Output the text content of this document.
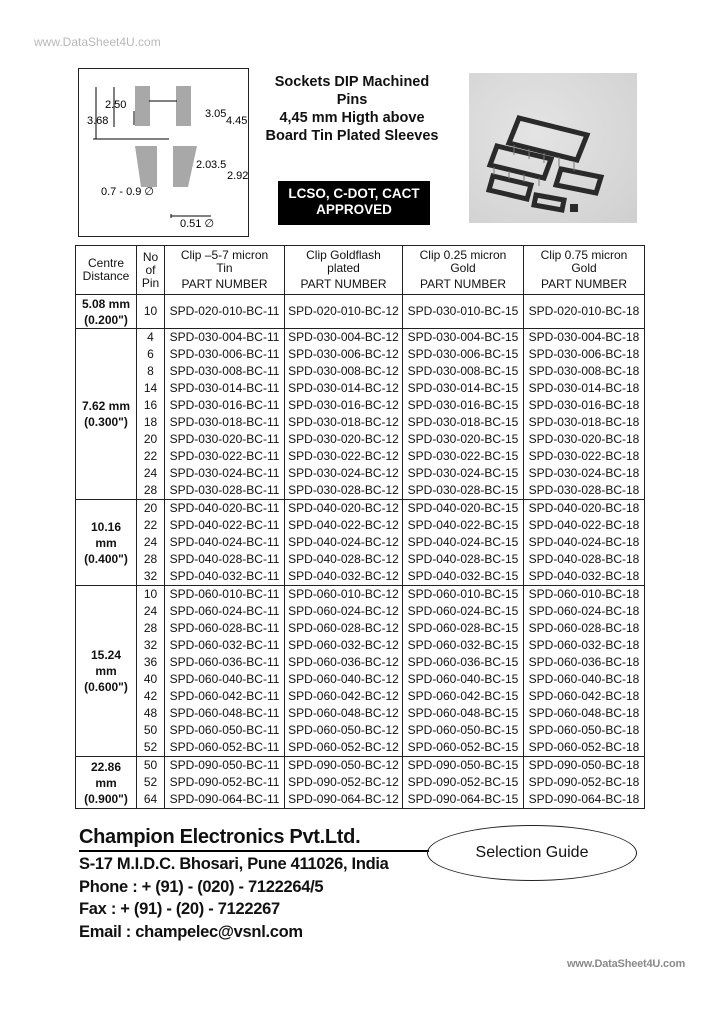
www.DataSheet4U.com
2.50
3.68
3.05
4.45
2.0 3.5
2.92
0.7 - 0.9 ∅
0.51 ∅
Sockets DIP Machined
Pins
4,45 mm Higth above
Board Tin Plated Sleeves
LCSO, C-DOT, CACT
APPROVED
Centre
Distance

No
of
Pin

Clip –5-7 micron
Tin
PART NUMBER

Clip Goldflash
plated
PART NUMBER

Clip 0.25 micron
Gold
PART NUMBER

Clip 0.75 micron
Gold
PART NUMBER

5.08 mm
(0.200")	10	SPD-020-010-BC-11	SPD-020-010-BC-12	SPD-030-010-BC-15	SPD-020-010-BC-18

7.62 mm
(0.300")	4	SPD-030-004-BC-11	SPD-030-004-BC-12	SPD-030-004-BC-15	SPD-030-004-BC-18
	6	SPD-030-006-BC-11	SPD-030-006-BC-12	SPD-030-006-BC-15	SPD-030-006-BC-18
	8	SPD-030-008-BC-11	SPD-030-008-BC-12	SPD-030-008-BC-15	SPD-030-008-BC-18
	14	SPD-030-014-BC-11	SPD-030-014-BC-12	SPD-030-014-BC-15	SPD-030-014-BC-18
	16	SPD-030-016-BC-11	SPD-030-016-BC-12	SPD-030-016-BC-15	SPD-030-016-BC-18
	18	SPD-030-018-BC-11	SPD-030-018-BC-12	SPD-030-018-BC-15	SPD-030-018-BC-18
	20	SPD-030-020-BC-11	SPD-030-020-BC-12	SPD-030-020-BC-15	SPD-030-020-BC-18
	22	SPD-030-022-BC-11	SPD-030-022-BC-12	SPD-030-022-BC-15	SPD-030-022-BC-18
	24	SPD-030-024-BC-11	SPD-030-024-BC-12	SPD-030-024-BC-15	SPD-030-024-BC-18
	28	SPD-030-028-BC-11	SPD-030-028-BC-12	SPD-030-028-BC-15	SPD-030-028-BC-18

10.16
mm
(0.400")	20	SPD-040-020-BC-11	SPD-040-020-BC-12	SPD-040-020-BC-15	SPD-040-020-BC-18
	22	SPD-040-022-BC-11	SPD-040-022-BC-12	SPD-040-022-BC-15	SPD-040-022-BC-18
	24	SPD-040-024-BC-11	SPD-040-024-BC-12	SPD-040-024-BC-15	SPD-040-024-BC-18
	28	SPD-040-028-BC-11	SPD-040-028-BC-12	SPD-040-028-BC-15	SPD-040-028-BC-18
	32	SPD-040-032-BC-11	SPD-040-032-BC-12	SPD-040-032-BC-15	SPD-040-032-BC-18

15.24
mm
(0.600")	10	SPD-060-010-BC-11	SPD-060-010-BC-12	SPD-060-010-BC-15	SPD-060-010-BC-18
	24	SPD-060-024-BC-11	SPD-060-024-BC-12	SPD-060-024-BC-15	SPD-060-024-BC-18
	28	SPD-060-028-BC-11	SPD-060-028-BC-12	SPD-060-028-BC-15	SPD-060-028-BC-18
	32	SPD-060-032-BC-11	SPD-060-032-BC-12	SPD-060-032-BC-15	SPD-060-032-BC-18
	36	SPD-060-036-BC-11	SPD-060-036-BC-12	SPD-060-036-BC-15	SPD-060-036-BC-18
	40	SPD-060-040-BC-11	SPD-060-040-BC-12	SPD-060-040-BC-15	SPD-060-040-BC-18
	42	SPD-060-042-BC-11	SPD-060-042-BC-12	SPD-060-042-BC-15	SPD-060-042-BC-18
	48	SPD-060-048-BC-11	SPD-060-048-BC-12	SPD-060-048-BC-15	SPD-060-048-BC-18
	50	SPD-060-050-BC-11	SPD-060-050-BC-12	SPD-060-050-BC-15	SPD-060-050-BC-18
	52	SPD-060-052-BC-11	SPD-060-052-BC-12	SPD-060-052-BC-15	SPD-060-052-BC-18

22.86
mm
(0.900")	50	SPD-090-050-BC-11	SPD-090-050-BC-12	SPD-090-050-BC-15	SPD-090-050-BC-18
	52	SPD-090-052-BC-11	SPD-090-052-BC-12	SPD-090-052-BC-15	SPD-090-052-BC-18
	64	SPD-090-064-BC-11	SPD-090-064-BC-12	SPD-090-064-BC-15	SPD-090-064-BC-18
Champion Electronics Pvt.Ltd.
S-17 M.I.D.C. Bhosari, Pune 411026, India
Phone : + (91) - (020) - 7122264/5
Fax : + (91) - (20) - 7122267
Email : champelec@vsnl.com
Selection Guide
www.DataSheet4U.com
